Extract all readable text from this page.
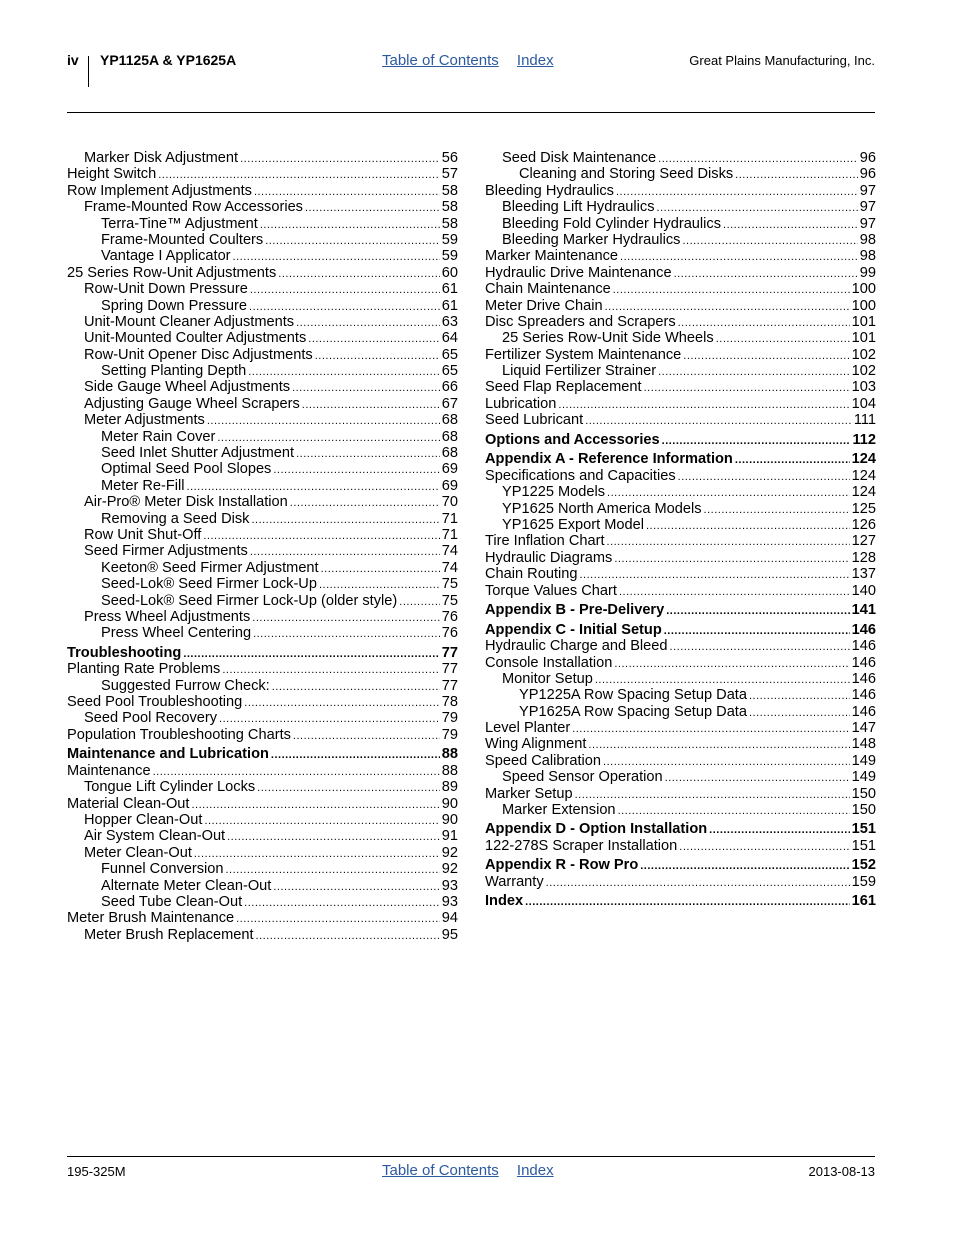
iv YP1125A & YP1625A	Table of Contents Index	Great Plains Manufacturing, Inc.
Marker Disk Adjustment .....	56
Height Switch .....	57
Row Implement Adjustments .....	58
Frame-Mounted Row Accessories .....	58
Terra-Tine™ Adjustment .....	58
Frame-Mounted Coulters .....	59
Vantage I Applicator .....	59
25 Series Row-Unit Adjustments .....	60
Row-Unit Down Pressure .....	61
Spring Down Pressure .....	61
Unit-Mount Cleaner Adjustments .....	63
Unit-Mounted Coulter Adjustments .....	64
Row-Unit Opener Disc Adjustments .....	65
Setting Planting Depth .....	65
Side Gauge Wheel Adjustments .....	66
Adjusting Gauge Wheel Scrapers .....	67
Meter Adjustments .....	68
Meter Rain Cover .....	68
Seed Inlet Shutter Adjustment .....	68
Optimal Seed Pool Slopes .....	69
Meter Re-Fill .....	69
Air-Pro® Meter Disk Installation .....	70
Removing a Seed Disk .....	71
Row Unit Shut-Off .....	71
Seed Firmer Adjustments .....	74
Keeton® Seed Firmer Adjustment .....	74
Seed-Lok® Seed Firmer Lock-Up .....	75
Seed-Lok® Seed Firmer Lock-Up (older style) .....	75
Press Wheel Adjustments .....	76
Press Wheel Centering .....	76
Troubleshooting .....	77
Planting Rate Problems .....	77
Suggested Furrow Check: .....	77
Seed Pool Troubleshooting .....	78
Seed Pool Recovery .....	79
Population Troubleshooting Charts .....	79
Maintenance and Lubrication .....	88
Maintenance .....	88
Tongue Lift Cylinder Locks .....	89
Material Clean-Out .....	90
Hopper Clean-Out .....	90
Air System Clean-Out .....	91
Meter Clean-Out .....	92
Funnel Conversion .....	92
Alternate Meter Clean-Out .....	93
Seed Tube Clean-Out .....	93
Meter Brush Maintenance .....	94
Meter Brush Replacement .....	95
Seed Disk Maintenance .....	96
Cleaning and Storing Seed Disks .....	96
Bleeding Hydraulics .....	97
Bleeding Lift Hydraulics .....	97
Bleeding Fold Cylinder Hydraulics .....	97
Bleeding Marker Hydraulics .....	98
Marker Maintenance .....	98
Hydraulic Drive Maintenance .....	99
Chain Maintenance .....	100
Meter Drive Chain .....	100
Disc Spreaders and Scrapers .....	101
25 Series Row-Unit Side Wheels .....	101
Fertilizer System Maintenance .....	102
Liquid Fertilizer Strainer .....	102
Seed Flap Replacement .....	103
Lubrication .....	104
Seed Lubricant .....	111
Options and Accessories .....	112
Appendix A - Reference Information .....	124
Specifications and Capacities .....	124
YP1225 Models .....	124
YP1625 North America Models .....	125
YP1625 Export Model .....	126
Tire Inflation Chart .....	127
Hydraulic Diagrams .....	128
Chain Routing .....	137
Torque Values Chart .....	140
Appendix B - Pre-Delivery .....	141
Appendix C - Initial Setup .....	146
Hydraulic Charge and Bleed .....	146
Console Installation .....	146
Monitor Setup .....	146
YP1225A Row Spacing Setup Data .....	146
YP1625A Row Spacing Setup Data .....	146
Level Planter .....	147
Wing Alignment .....	148
Speed Calibration .....	149
Speed Sensor Operation .....	149
Marker Setup .....	150
Marker Extension .....	150
Appendix D - Option Installation .....	151
122-278S Scraper Installation .....	151
Appendix R - Row Pro .....	152
Warranty .....	159
Index .....	161
195-325M	Table of Contents Index	2013-08-13
